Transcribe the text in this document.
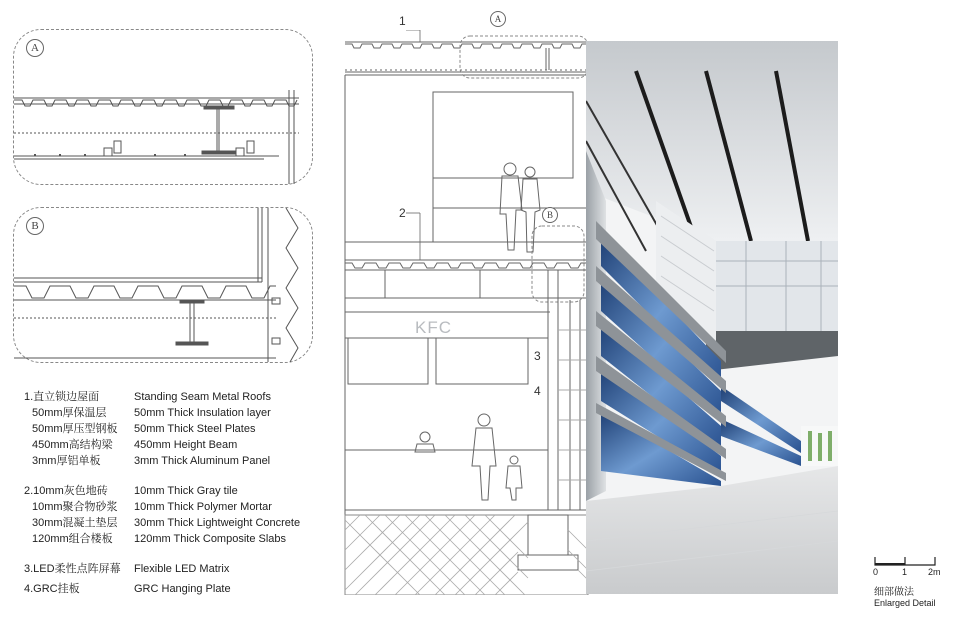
A
B
1.直立锁边屋面
50mm厚保温层
50mm厚压型钢板
450mm高结构梁
3mm厚铝单板
Standing Seam Metal Roofs
50mm Thick Insulation layer
50mm Thick Steel Plates
450mm Height Beam
3mm Thick Aluminum Panel
2.10mm灰色地砖
10mm聚合物砂浆
30mm混凝土垫层
120mm组合楼板
10mm Thick Gray tile
10mm Thick Polymer Mortar
30mm Thick Lightweight Concrete
120mm Thick Composite Slabs
3.LED柔性点阵屏幕 Flexible LED Matrix
4.GRC挂板	GRC Hanging Plate
1
2
3
4
A
B
KFC
0	1 2m
细部做法
Enlarged Detail
